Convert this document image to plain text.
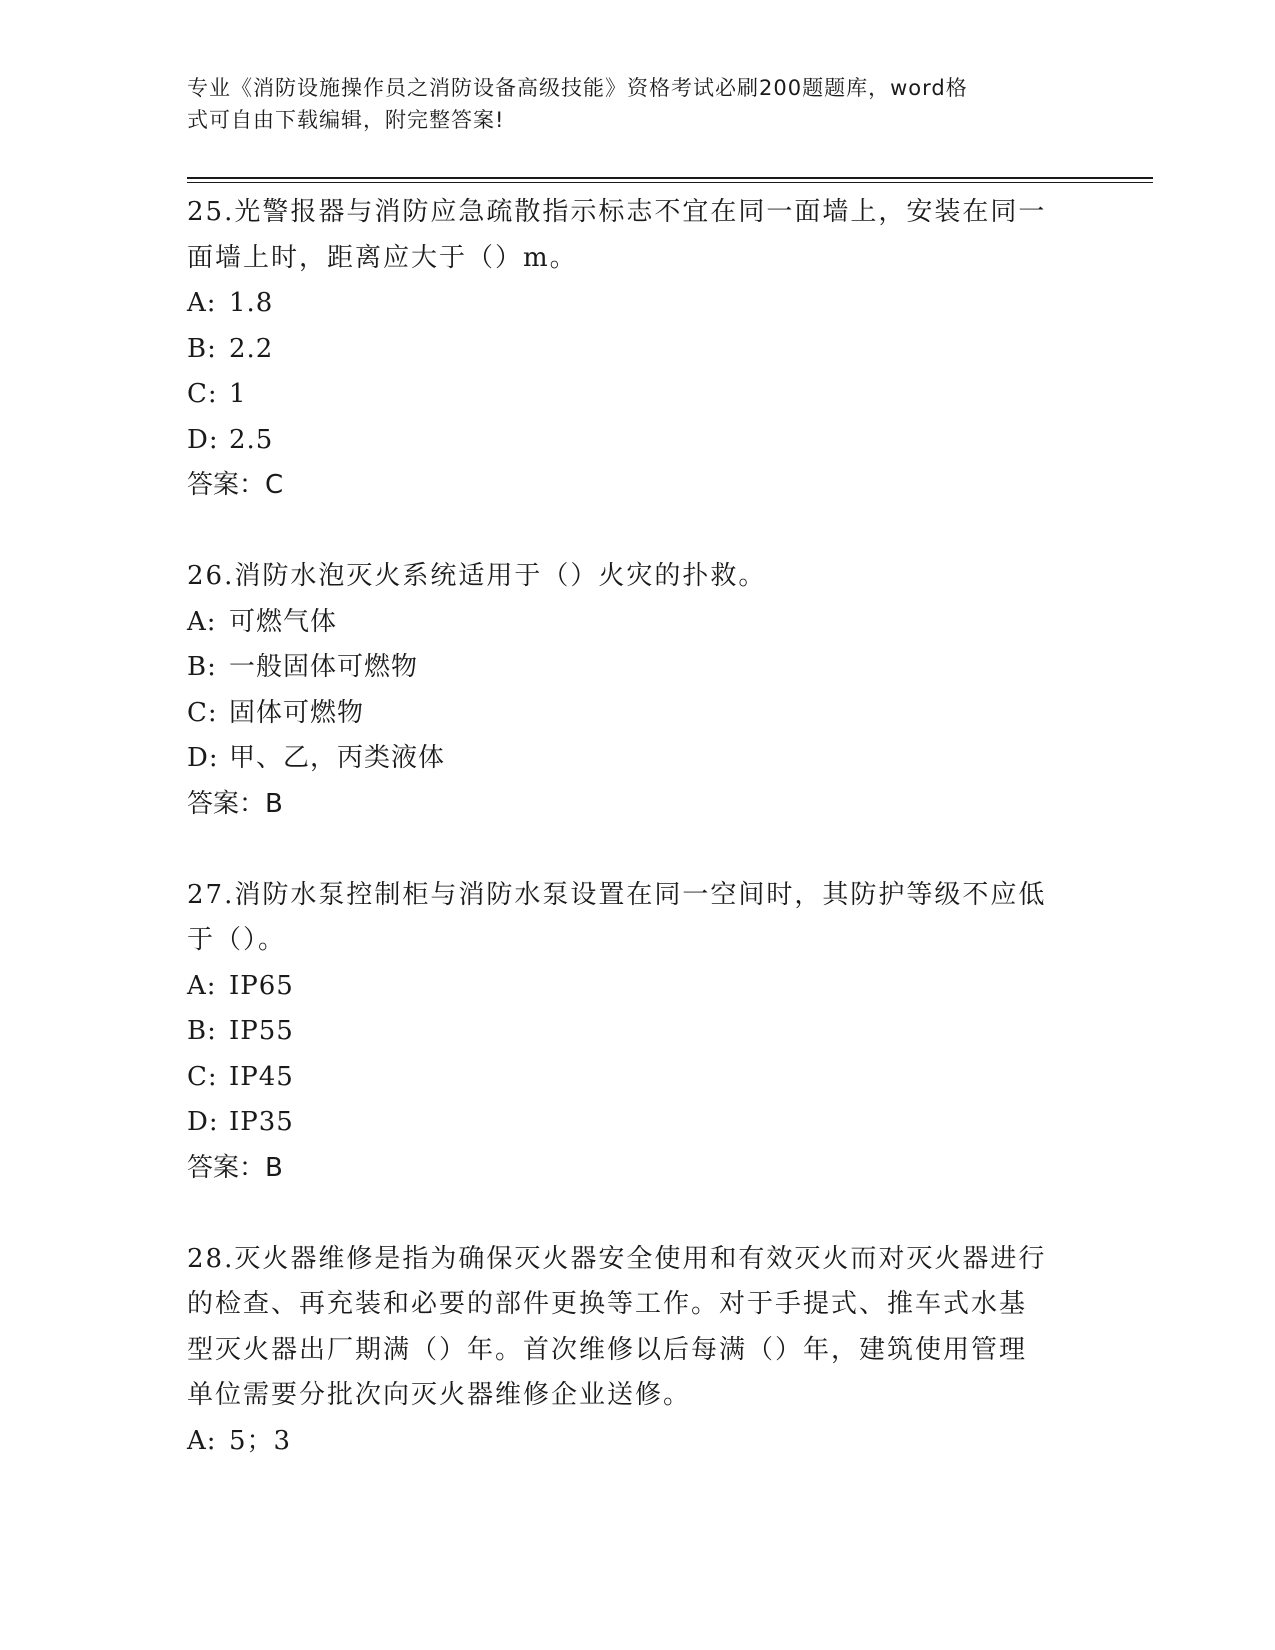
专业《消防设施操作员之消防设备高级技能》资格考试必刷200题题库，word格
式可自由下载编辑，附完整答案!

25.光警报器与消防应急疏散指示标志不宜在同一面墙上，安装在同一

面墙上时，距离应大于（）m。

A: 1.8

B: 2.2

C: 1

D: 2.5

答案：C

26.消防水泡灭火系统适用于（）火灾的扑救。

A: 可燃气体

B: 一般固体可燃物

C: 固体可燃物

D: 甲、乙，丙类液体

答案：B

27.消防水泵控制柜与消防水泵设置在同一空间时，其防护等级不应低

于（）。

A: IP65

B: IP55

C: IP45

D: IP35

答案：B

28.灭火器维修是指为确保灭火器安全使用和有效灭火而对灭火器进行

的检查、再充装和必要的部件更换等工作。对于手提式、推车式水基

型灭火器出厂期满（）年。首次维修以后每满（）年，建筑使用管理

单位需要分批次向灭火器维修企业送修。

A: 5；3
